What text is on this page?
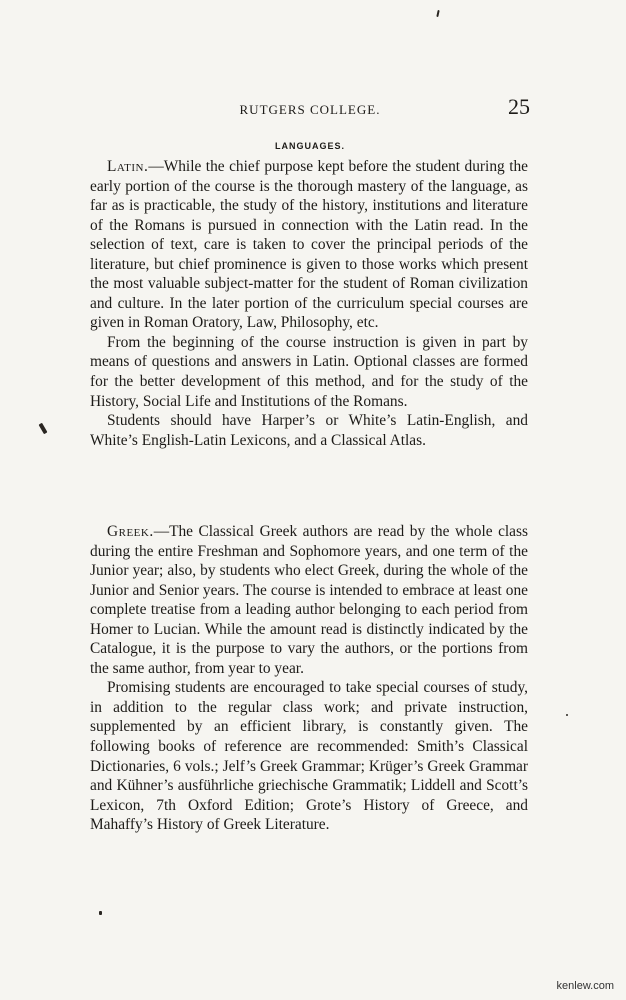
RUTGERS COLLEGE.	25
LANGUAGES.

Latin.—While the chief purpose kept before the student during the early portion of the course is the thorough mastery of the language, as far as is practicable, the study of the history, institutions and literature of the Romans is pursued in connection with the Latin read. In the selection of text, care is taken to cover the principal periods of the literature, but chief prominence is given to those works which present the most valuable subject-matter for the student of Roman civilization and culture. In the later portion of the curriculum special courses are given in Roman Oratory, Law, Philosophy, etc.

From the beginning of the course instruction is given in part by means of questions and answers in Latin. Optional classes are formed for the better development of this method, and for the study of the History, Social Life and Institutions of the Romans.

Students should have Harper’s or White’s Latin-English, and White’s English-Latin Lexicons, and a Classical Atlas.

Greek.—The Classical Greek authors are read by the whole class during the entire Freshman and Sophomore years, and one term of the Junior year; also, by students who elect Greek, during the whole of the Junior and Senior years. The course is intended to embrace at least one complete treatise from a leading author belonging to each period from Homer to Lucian. While the amount read is distinctly indicated by the Catalogue, it is the purpose to vary the authors, or the portions from the same author, from year to year.

Promising students are encouraged to take special courses of study, in addition to the regular class work; and private instruction, supplemented by an efficient library, is constantly given. The following books of reference are recommended: Smith’s Classical Dictionaries, 6 vols.; Jelf’s Greek Grammar; Krüger’s Greek Grammar and Kühner’s ausführliche griechische Grammatik; Liddell and Scott’s Lexicon, 7th Oxford Edition; Grote’s History of Greece, and Mahaffy’s History of Greek Literature.

kenlew.com
